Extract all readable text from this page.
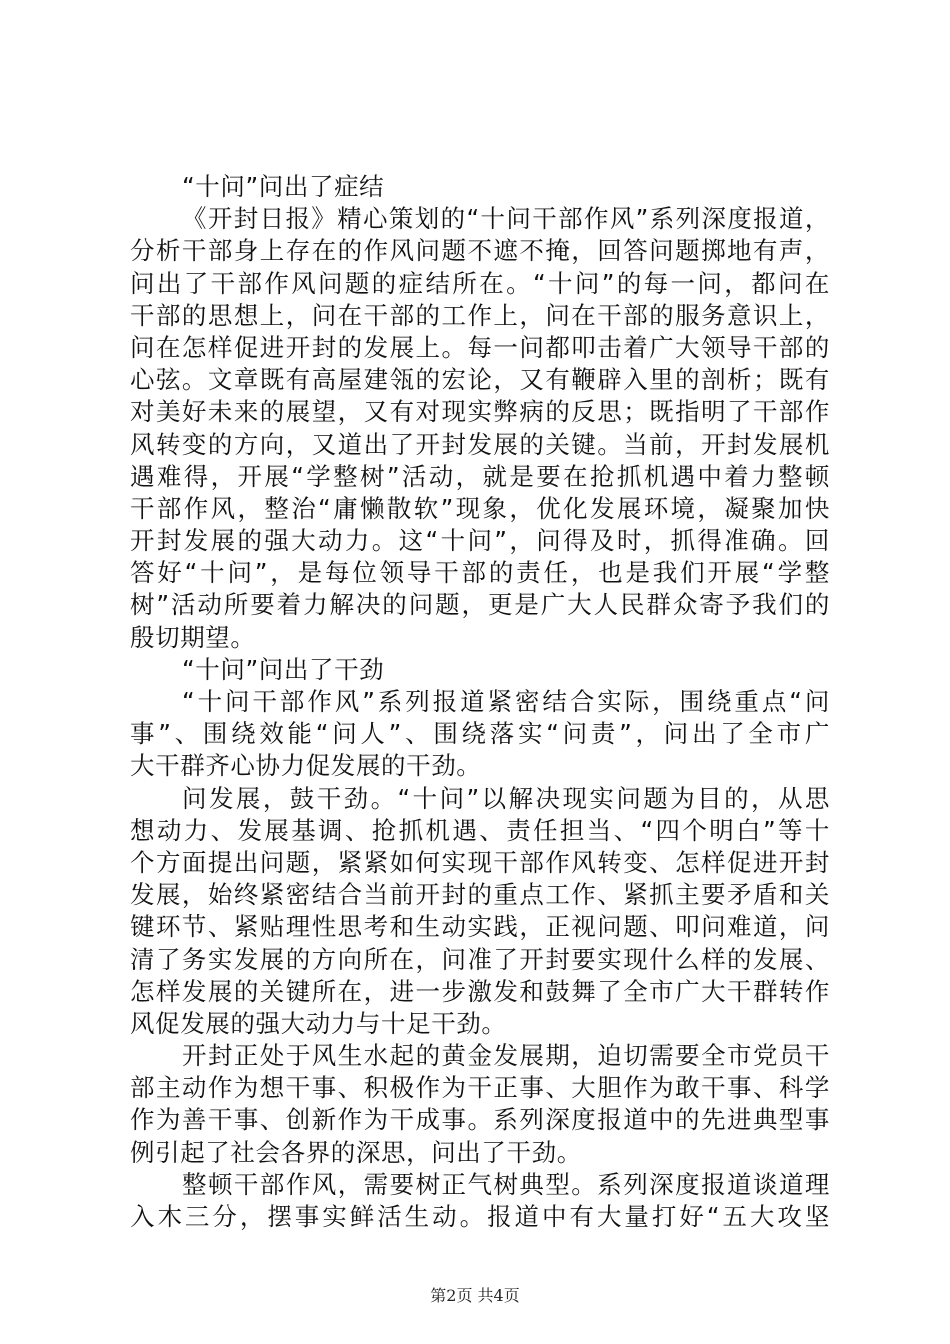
“十问”问出了症结
《开封日报》精心策划的“十问干部作风”系列深度报道，
分析干部身上存在的作风问题不遮不掩，回答问题掷地有声，
问出了干部作风问题的症结所在。“十问”的每一问，都问在
干部的思想上，问在干部的工作上，问在干部的服务意识上，
问在怎样促进开封的发展上。每一问都叩击着广大领导干部的
心弦。文章既有高屋建瓴的宏论，又有鞭辟入里的剖析；既有
对美好未来的展望，又有对现实弊病的反思；既指明了干部作
风转变的方向，又道出了开封发展的关键。当前，开封发展机
遇难得，开展“学整树”活动，就是要在抢抓机遇中着力整顿
干部作风，整治“庸懒散软”现象，优化发展环境，凝聚加快
开封发展的强大动力。这“十问”，问得及时，抓得准确。回
答好“十问”，是每位领导干部的责任，也是我们开展“学整
树”活动所要着力解决的问题，更是广大人民群众寄予我们的
殷切期望。
“十问”问出了干劲
“十问干部作风”系列报道紧密结合实际，围绕重点“问
事”、围绕效能“问人”、围绕落实“问责”，问出了全市广
大干群齐心协力促发展的干劲。
问发展，鼓干劲。“十问”以解决现实问题为目的，从思
想动力、发展基调、抢抓机遇、责任担当、“四个明白”等十
个方面提出问题，紧紧如何实现干部作风转变、怎样促进开封
发展，始终紧密结合当前开封的重点工作、紧抓主要矛盾和关
键环节、紧贴理性思考和生动实践，正视问题、叩问难道，问
清了务实发展的方向所在，问准了开封要实现什么样的发展、
怎样发展的关键所在，进一步激发和鼓舞了全市广大干群转作
风促发展的强大动力与十足干劲。
开封正处于风生水起的黄金发展期，迫切需要全市党员干
部主动作为想干事、积极作为干正事、大胆作为敢干事、科学
作为善干事、创新作为干成事。系列深度报道中的先进典型事
例引起了社会各界的深思，问出了干劲。
整顿干部作风，需要树正气树典型。系列深度报道谈道理
入木三分，摆事实鲜活生动。报道中有大量打好“五大攻坚
第2页 共4页
